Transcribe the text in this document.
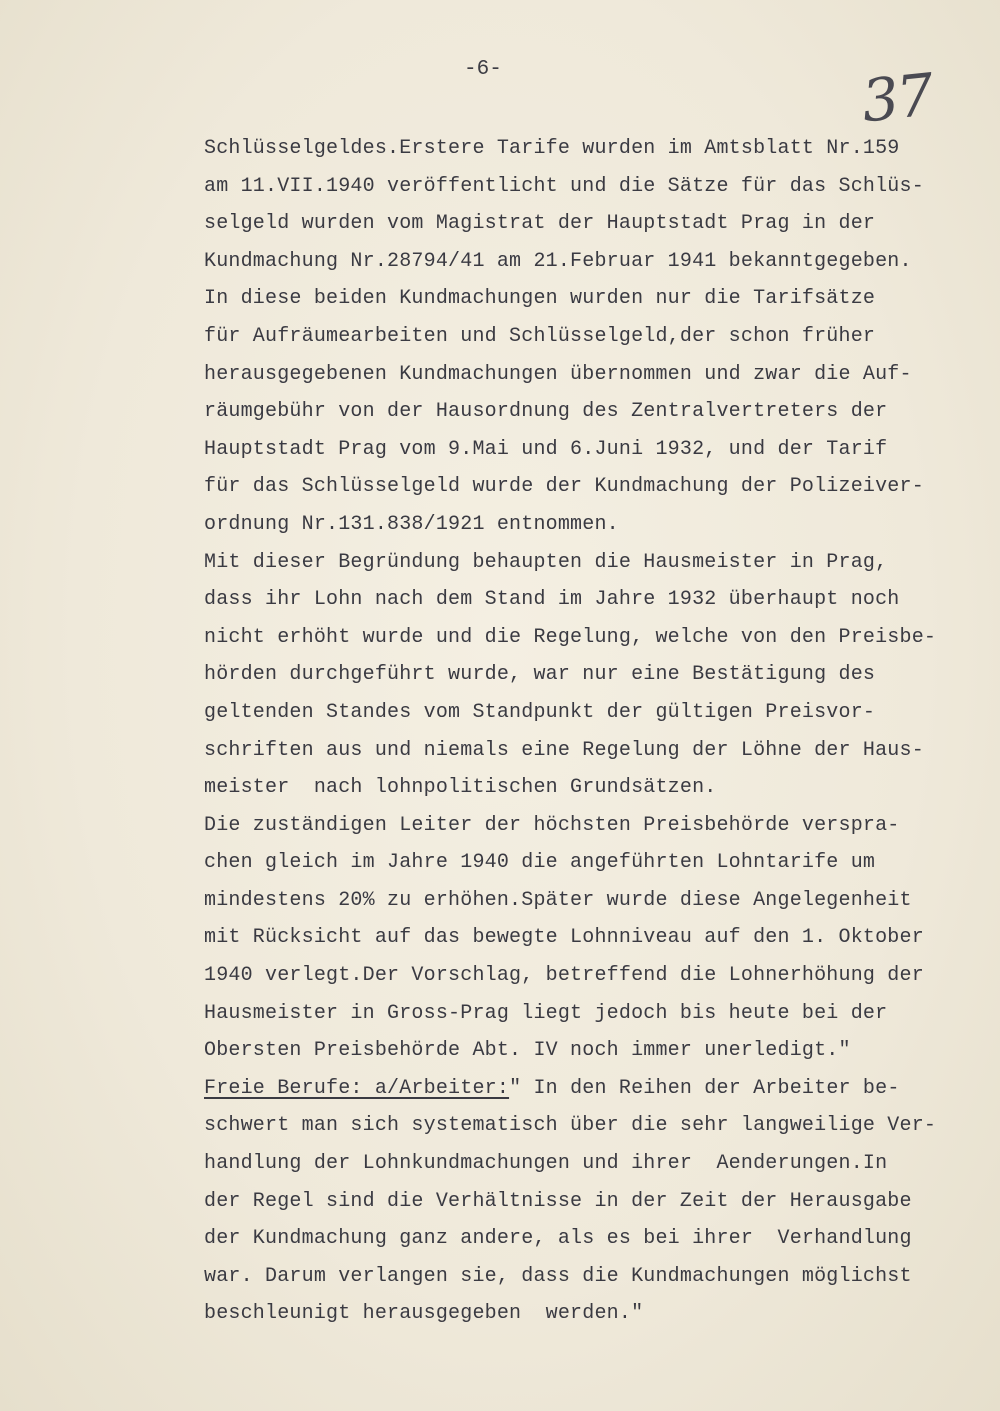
-6-	37
Schlüsselgeldes.Erstere Tarife wurden im Amtsblatt Nr.159
am 11.VII.1940 veröffentlicht und die Sätze für das Schlüs-
selgeld wurden vom Magistrat der Hauptstadt Prag in der
Kundmachung Nr.28794/41 am 21.Februar 1941 bekanntgegeben.
In diese beiden Kundmachungen wurden nur die Tarifsätze
für Aufräumearbeiten und Schlüsselgeld,der schon früher
herausgegebenen Kundmachungen übernommen und zwar die Auf-
räumgebühr von der Hausordnung des Zentralvertreters der
Hauptstadt Prag vom 9.Mai und 6.Juni 1932, und der Tarif
für das Schlüsselgeld wurde der Kundmachung der Polizeiver-
ordnung Nr.131.838/1921 entnommen.
Mit dieser Begründung behaupten die Hausmeister in Prag,
dass ihr Lohn nach dem Stand im Jahre 1932 überhaupt noch
nicht erhöht wurde und die Regelung, welche von den Preisbe-
hörden durchgeführt wurde, war nur eine Bestätigung des
geltenden Standes vom Standpunkt der gültigen Preisvor-
schriften aus und niemals eine Regelung der Löhne der Haus-
meister  nach lohnpolitischen Grundsätzen.
Die zuständigen Leiter der höchsten Preisbehörde verspra-
chen gleich im Jahre 1940 die angeführten Lohntarife um
mindestens 20% zu erhöhen.Später wurde diese Angelegenheit
mit Rücksicht auf das bewegte Lohnniveau auf den 1. Oktober
1940 verlegt.Der Vorschlag, betreffend die Lohnerhöhung der
Hausmeister in Gross-Prag liegt jedoch bis heute bei der
Obersten Preisbehörde Abt. IV noch immer unerledigt."
Freie Berufe: a/Arbeiter:" In den Reihen der Arbeiter be-
schwert man sich systematisch über die sehr langweilige Ver-
handlung der Lohnkundmachungen und ihrer  Aenderungen.In
der Regel sind die Verhältnisse in der Zeit der Herausgabe
der Kundmachung ganz andere, als es bei ihrer  Verhandlung
war. Darum verlangen sie, dass die Kundmachungen möglichst
beschleunigt herausgegeben  werden."
